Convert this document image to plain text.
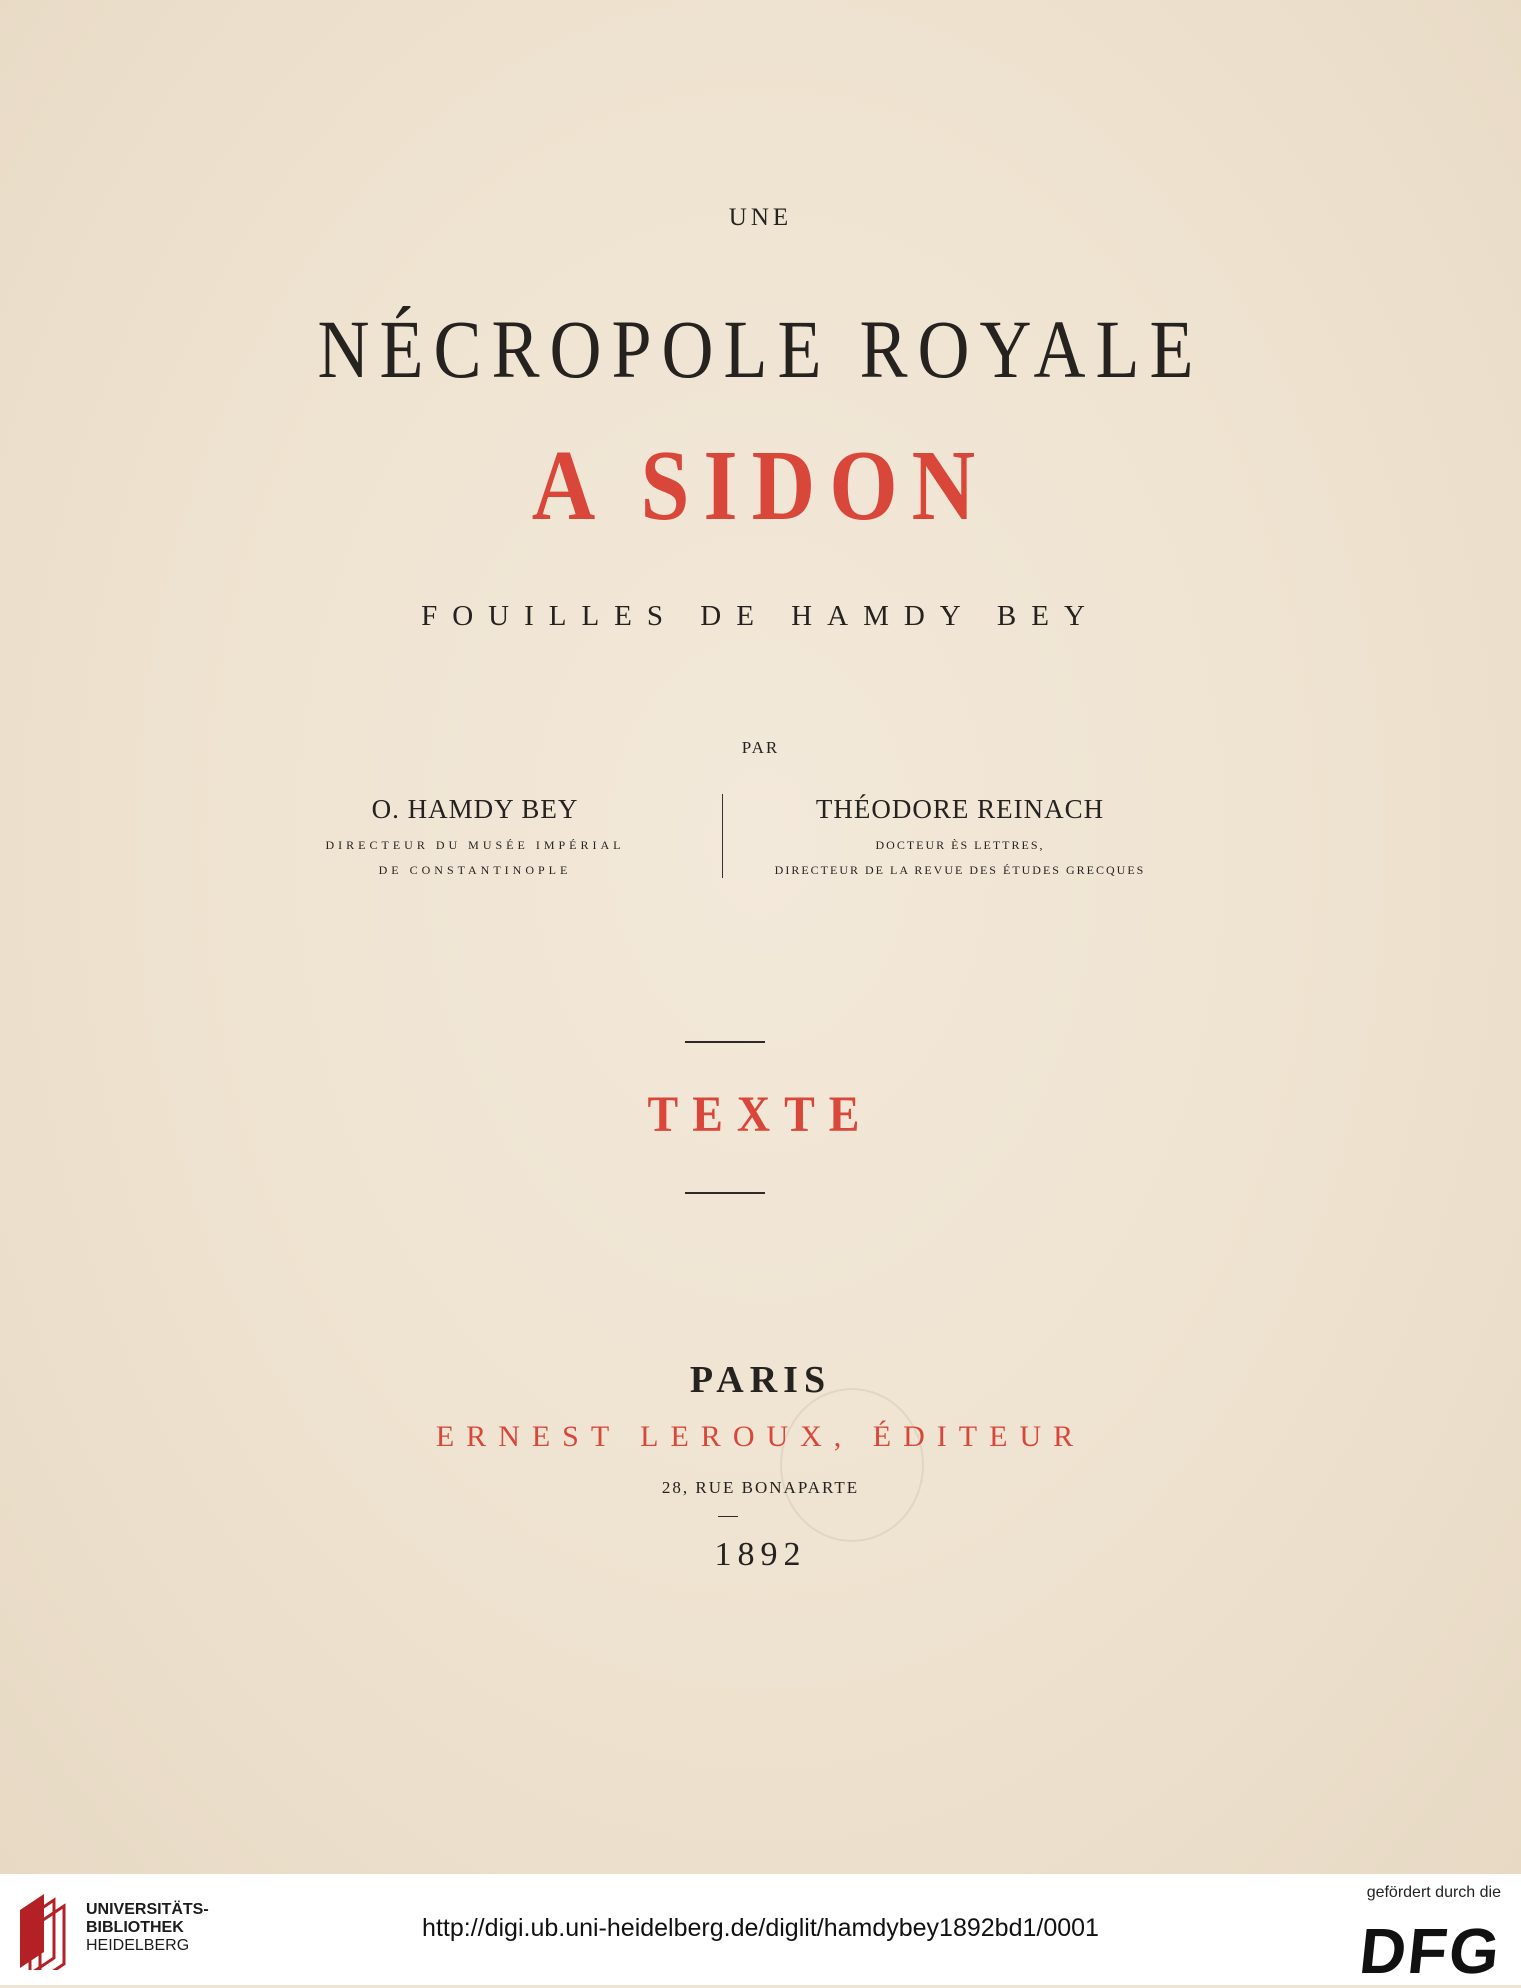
UNE
NÉCROPOLE ROYALE
A SIDON
FOUILLES DE HAMDY BEY
PAR
O. HAMDY BEY
DIRECTEUR DU MUSÉE IMPÉRIAL
DE CONSTANTINOPLE
THÉODORE REINACH
DOCTEUR ÈS LETTRES,
DIRECTEUR DE LA REVUE DES ÉTUDES GRECQUES
TEXTE
PARIS
ERNEST LEROUX, ÉDITEUR
28, RUE BONAPARTE
1892
UNIVERSITÄTS-
BIBLIOTHEK
HEIDELBERG
http://digi.ub.uni-heidelberg.de/diglit/hamdybey1892bd1/0001
gefördert durch die
DFG
